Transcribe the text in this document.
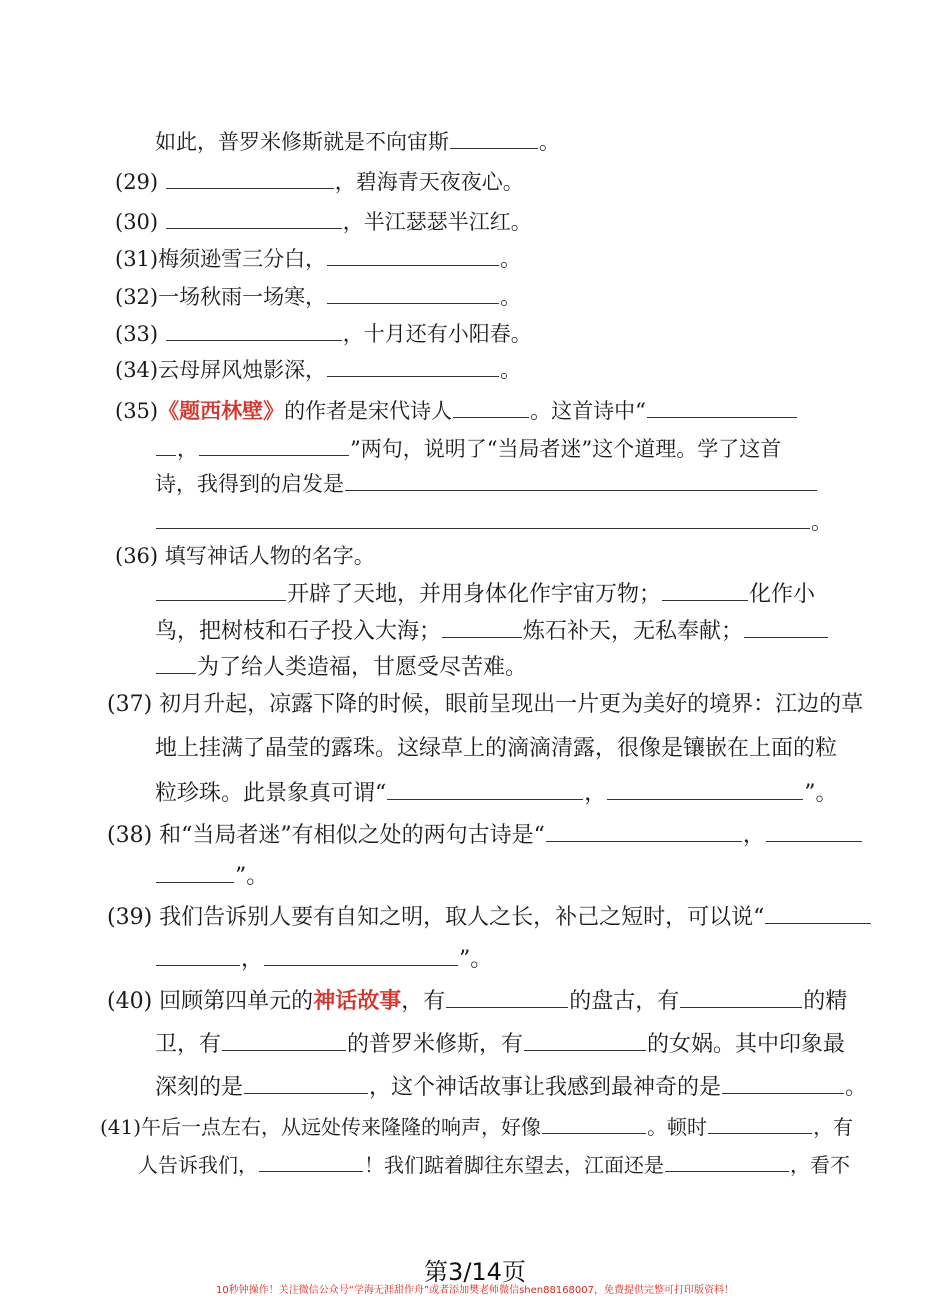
如此，普罗米修斯就是不向宙斯	。
(29)	，碧海青天夜夜心。
(30)	，半江瑟瑟半江红。
(31)梅须逊雪三分白，	。
(32)一场秋雨一场寒，	。
(33)	，十月还有小阳春。
(34)云母屏风烛影深，	。
(35)《题西林壁》的作者是宋代诗人	。这首诗中“
，	”两句，说明了“当局者迷”这个道理。学了这首
诗，我得到的启发是
。
(36) 填写神话人物的名字。
开辟了天地，并用身体化作宇宙万物；	化作小
鸟，把树枝和石子投入大海；	炼石补天，无私奉献；
为了给人类造福，甘愿受尽苦难。
(37) 初月升起，凉露下降的时候，眼前呈现出一片更为美好的境界：江边的草
地上挂满了晶莹的露珠。这绿草上的滴滴清露，很像是镶嵌在上面的粒
粒珍珠。此景象真可谓“	，	”。
(38) 和“当局者迷”有相似之处的两句古诗是“	，
”。
(39) 我们告诉别人要有自知之明，取人之长，补己之短时，可以说“
，	”。
(40) 回顾第四单元的神话故事，有	的盘古，有	的精
卫，有	的普罗米修斯，有	的女娲。其中印象最
深刻的是	，这个神话故事让我感到最神奇的是	。
(41)午后一点左右，从远处传来隆隆的响声，好像	。顿时	，有
人告诉我们，	！我们踮着脚往东望去，江面还是	，看不
第3/14页
10秒钟操作！关注微信公众号“学海无涯甜作舟”或者添加樊老师微信shen88168007，免费提供完整可打印版资料！
